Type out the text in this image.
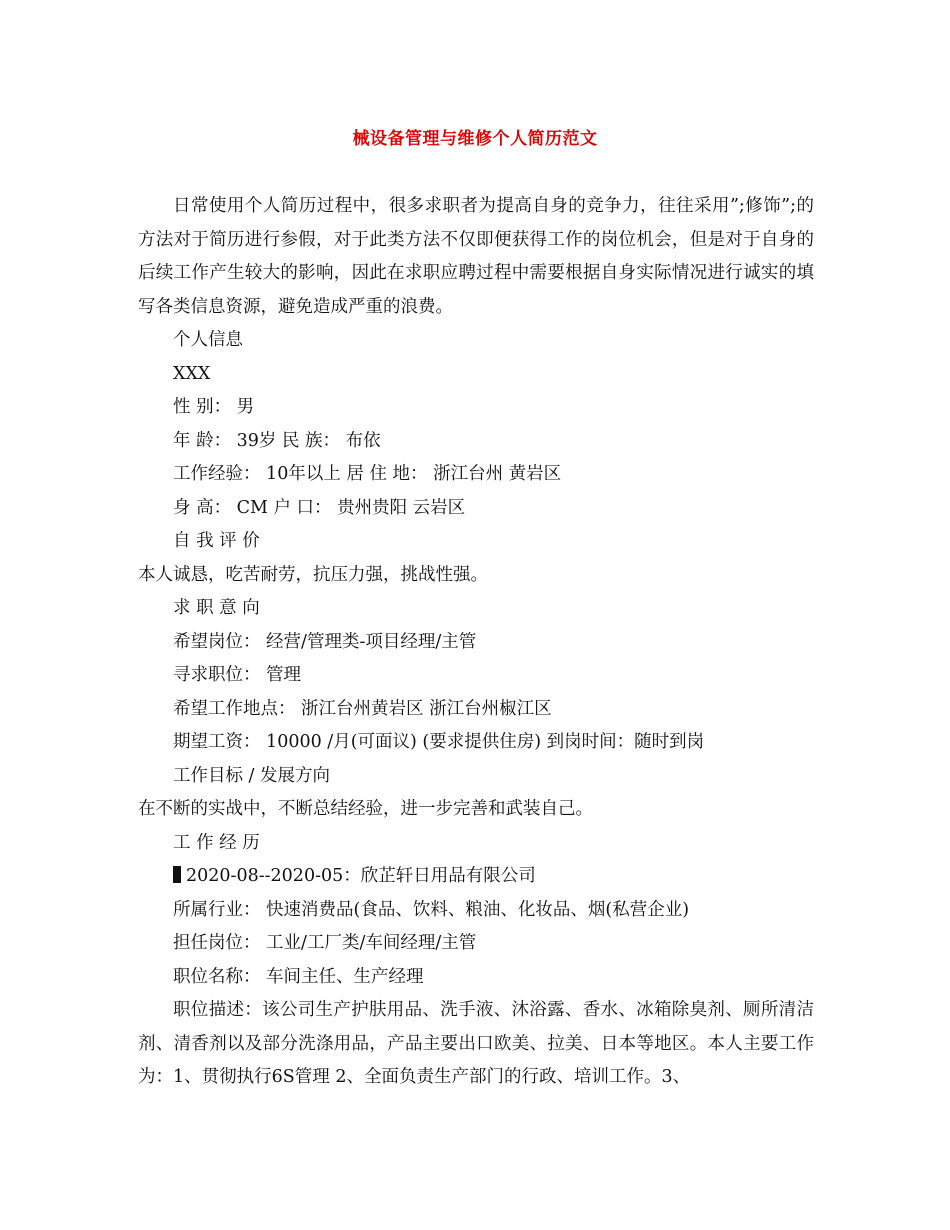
械设备管理与维修个人简历范文

日常使用个人简历过程中，很多求职者为提高自身的竞争力，往往采用”;修饰”;的方法对于简历进行参假，对于此类方法不仅即便获得工作的岗位机会，但是对于自身的后续工作产生较大的影响，因此在求职应聘过程中需要根据自身实际情况进行诚实的填写各类信息资源，避免造成严重的浪费。

个人信息

XXX

性 别： 男

年 龄： 39岁 民 族： 布依

工作经验： 10年以上 居 住 地： 浙江台州 黄岩区

身 高： CM 户 口： 贵州贵阳 云岩区

自 我 评 价

本人诚恳，吃苦耐劳，抗压力强，挑战性强。

求 职 意 向

希望岗位： 经营/管理类-项目经理/主管

寻求职位： 管理

希望工作地点： 浙江台州黄岩区 浙江台州椒江区

期望工资： 10000 /月(可面议) (要求提供住房) 到岗时间：随时到岗

工作目标 / 发展方向

在不断的实战中，不断总结经验，进一步完善和武装自己。

工 作 经 历

2020-08--2020-05：欣芷轩日用品有限公司

所属行业： 快速消费品(食品、饮料、粮油、化妆品、烟(私营企业)

担任岗位： 工业/工厂类/车间经理/主管

职位名称： 车间主任、生产经理

职位描述：该公司生产护肤用品、洗手液、沐浴露、香水、冰箱除臭剂、厕所清洁剂、清香剂以及部分洗涤用品，产品主要出口欧美、拉美、日本等地区。本人主要工作为：1、贯彻执行6S管理 2、全面负责生产部门的行政、培训工作。3、
